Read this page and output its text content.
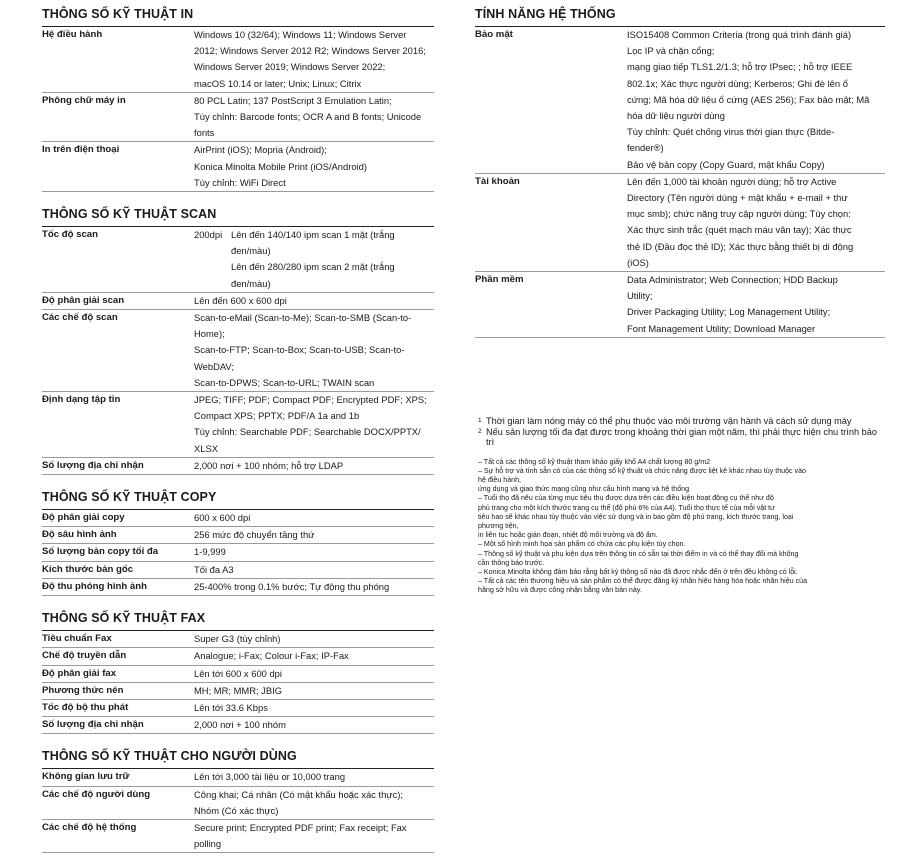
THÔNG SỐ KỸ THUẬT IN
Hệ điều hành	Windows 10 (32/64); Windows 11; Windows Server
2012; Windows Server 2012 R2; Windows Server 2016;
Windows Server 2019; Windows Server 2022;
macOS 10.14 or later; Unix; Linux; Citrix
Phông chữ máy in	80 PCL Latin; 137 PostScript 3 Emulation Latin;
Tùy chỉnh: Barcode fonts; OCR A and B fonts; Unicode
fonts
In trên điện thoại	AirPrint (iOS); Mopria (Android);
Konica Minolta Mobile Print (iOS/Android)
Tùy chỉnh: WiFi Direct
THÔNG SỐ KỸ THUẬT SCAN
Tốc độ scan	200dpi Lên đến 140/140 ipm scan 1 mặt (trắng đen/màu)
Lên đến 280/280 ipm scan 2 mặt (trắng đen/màu)
Độ phân giải scan	Lên đến 600 x 600 dpi
Các chế độ scan	Scan-to-eMail (Scan-to-Me); Scan-to-SMB (Scan-to-
Home);
Scan-to-FTP; Scan-to-Box; Scan-to-USB; Scan-to-
WebDAV;
Scan-to-DPWS; Scan-to-URL; TWAIN scan
Định dạng tập tin	JPEG; TIFF; PDF; Compact PDF; Encrypted PDF; XPS;
Compact XPS; PPTX; PDF/A 1a and 1b
Tùy chỉnh: Searchable PDF; Searchable DOCX/PPTX/
XLSX
Số lượng địa chỉ nhận	2,000 nơi + 100 nhóm; hỗ trợ LDAP
THÔNG SỐ KỸ THUẬT COPY
Độ phân giải copy	600 x 600 dpi
Độ sâu hình ảnh	256 mức độ chuyển tầng thứ
Số lượng bản copy tối đa	1-9,999
Kích thước bản gốc	Tối đa A3
Độ thu phóng hình ảnh	25-400% trong 0.1% bước; Tự động thu phóng
THÔNG SỐ KỸ THUẬT FAX
Tiêu chuẩn Fax	Super G3 (tùy chỉnh)
Chế độ truyền dẫn	Analogue; i-Fax; Colour i-Fax; IP-Fax
Độ phân giải fax	Lên tới 600 x 600 dpi
Phương thức nén	MH; MR; MMR; JBIG
Tốc độ bộ thu phát	Lên tới 33.6 Kbps
Số lượng địa chỉ nhận	2,000 nơi + 100 nhóm
THÔNG SỐ KỸ THUẬT CHO NGƯỜI DÙNG
Không gian lưu trữ	Lên tới 3,000 tài liệu or 10,000 trang
Các chế độ người dùng	Công khai; Cá nhân (Có mật khẩu hoặc xác thực);
Nhóm (Có xác thực)
Các chế độ hệ thống	Secure print; Encrypted PDF print; Fax receipt; Fax
polling
TÍNH NĂNG HỆ THỐNG
Bảo mật	ISO15408 Common Criteria (trong quá trình đánh giá)
Lọc IP và chặn cổng;
mạng giao tiếp TLS1.2/1.3; hỗ trợ IPsec; ; hỗ trợ IEEE
802.1x; Xác thực người dùng; Kerberos; Ghi đè lên ổ
cứng; Mã hóa dữ liệu ổ cứng (AES 256); Fax bảo mật; Mã
hóa dữ liệu người dùng
Tùy chỉnh: Quét chống virus thời gian thực (Bitde-
fender®)
Bảo vệ bản copy (Copy Guard, mật khẩu Copy)
Tài khoản	Lên đến 1,000 tài khoản người dùng; hỗ trợ Active
Directory (Tên người dùng + mật khẩu + e-mail + thư
mục smb); chức năng truy cập người dùng; Tùy chọn:
Xác thực sinh trắc (quét mạch máu vân tay); Xác thực
thẻ ID (Đầu đọc thẻ ID); Xác thực bằng thiết bị di động
(iOS)
Phần mềm	Data Administrator; Web Connection; HDD Backup
Utility;
Driver Packaging Utility; Log Management Utility;
Font Management Utility; Download Manager
1 Thời gian làm nóng máy có thể phụ thuộc vào môi trường vận hành và cách sử dụng máy
2 Nếu sản lượng tối đa đạt được trong khoảng thời gian một năm, thì phải thực hiện chu trình bảo trì
– Tất cả các thông số kỹ thuật tham khảo giấy khổ A4 chất lượng 80 g/m2
– Sự hỗ trợ và tính sẵn có của các thông số kỹ thuật và chức năng được liệt kê khác nhau tùy thuộc vào
hệ điều hành,
ứng dụng và giao thức mạng cũng như cấu hình mạng và hệ thống
– Tuổi thọ đã nêu của từng mục tiêu thụ được dựa trên các điều kiện hoạt động cụ thể như độ
phủ trang cho một kích thước trang cụ thể (độ phủ 6% của A4). Tuổi thọ thực tế của mỗi vật tư
tiêu hao sẽ khác nhau tùy thuộc vào việc sử dụng và in bao gồm độ phủ trang, kích thước trang, loại
phương tiện,
in liên tục hoặc gián đoạn, nhiệt độ môi trường và độ ẩm.
– Một số hình minh họa sản phẩm có chứa các phụ kiện tùy chọn.
– Thông số kỹ thuật và phụ kiện dựa trên thông tin có sẵn tại thời điểm in và có thể thay đổi mà không
cần thông báo trước.
– Konica Minolta không đảm bảo rằng bất kỳ thông số nào đã được nhắc đến ở trên đều không có lỗi.
– Tất cả các tên thương hiệu và sản phẩm có thể được đăng ký nhãn hiệu hàng hóa hoặc nhãn hiệu của
hãng sở hữu và được công nhận bằng văn bản này.
